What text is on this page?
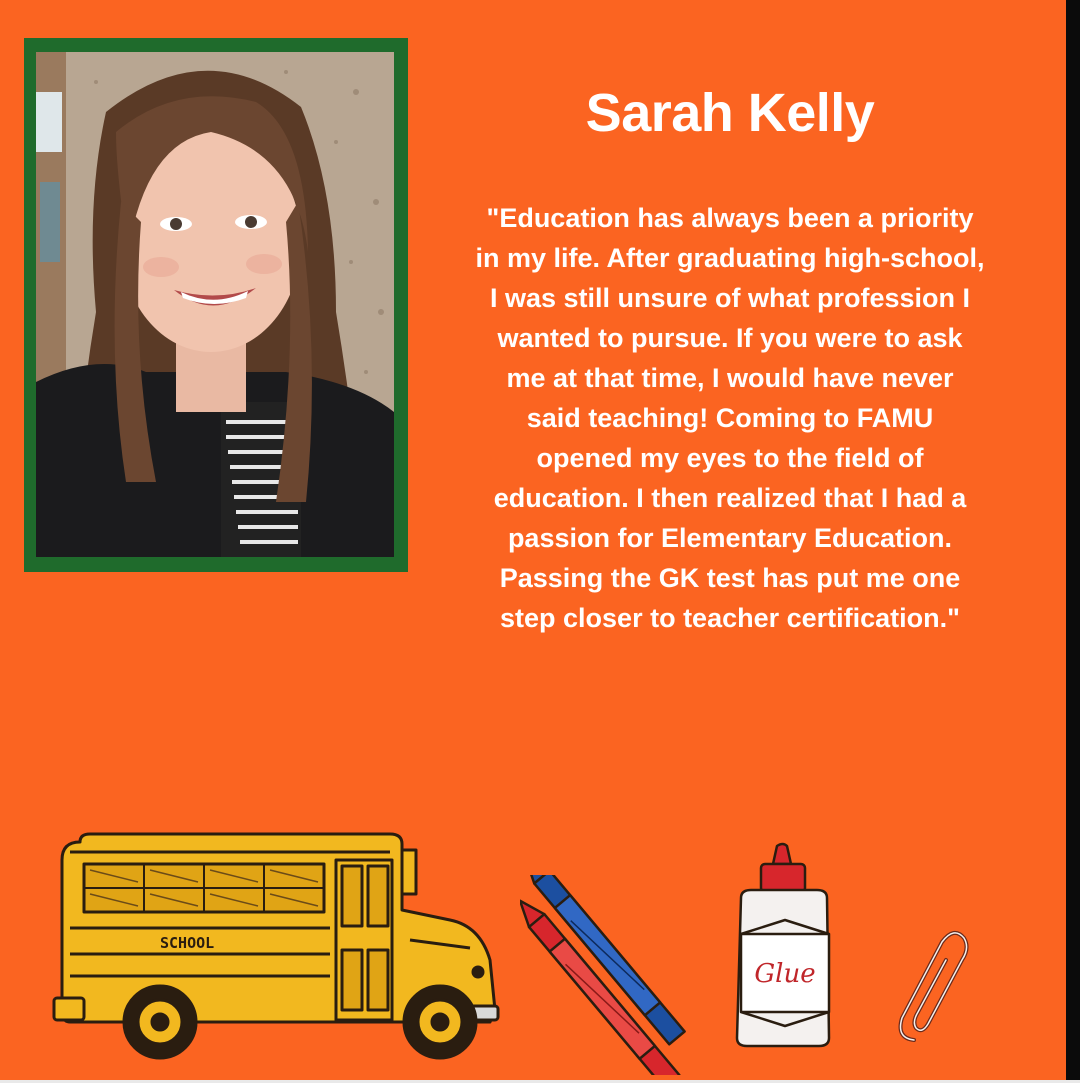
Sarah Kelly
"Education has always been a priority
in my life. After graduating high-school,
I was still unsure of what profession I
wanted to pursue. If you were to ask
me at that time, I would have never
said teaching! Coming to FAMU
opened my eyes to the field of
education. I then realized that I had a
passion for Elementary Education.
Passing the GK test has put me one
step closer to teacher certification."
SCHOOL
Glue
